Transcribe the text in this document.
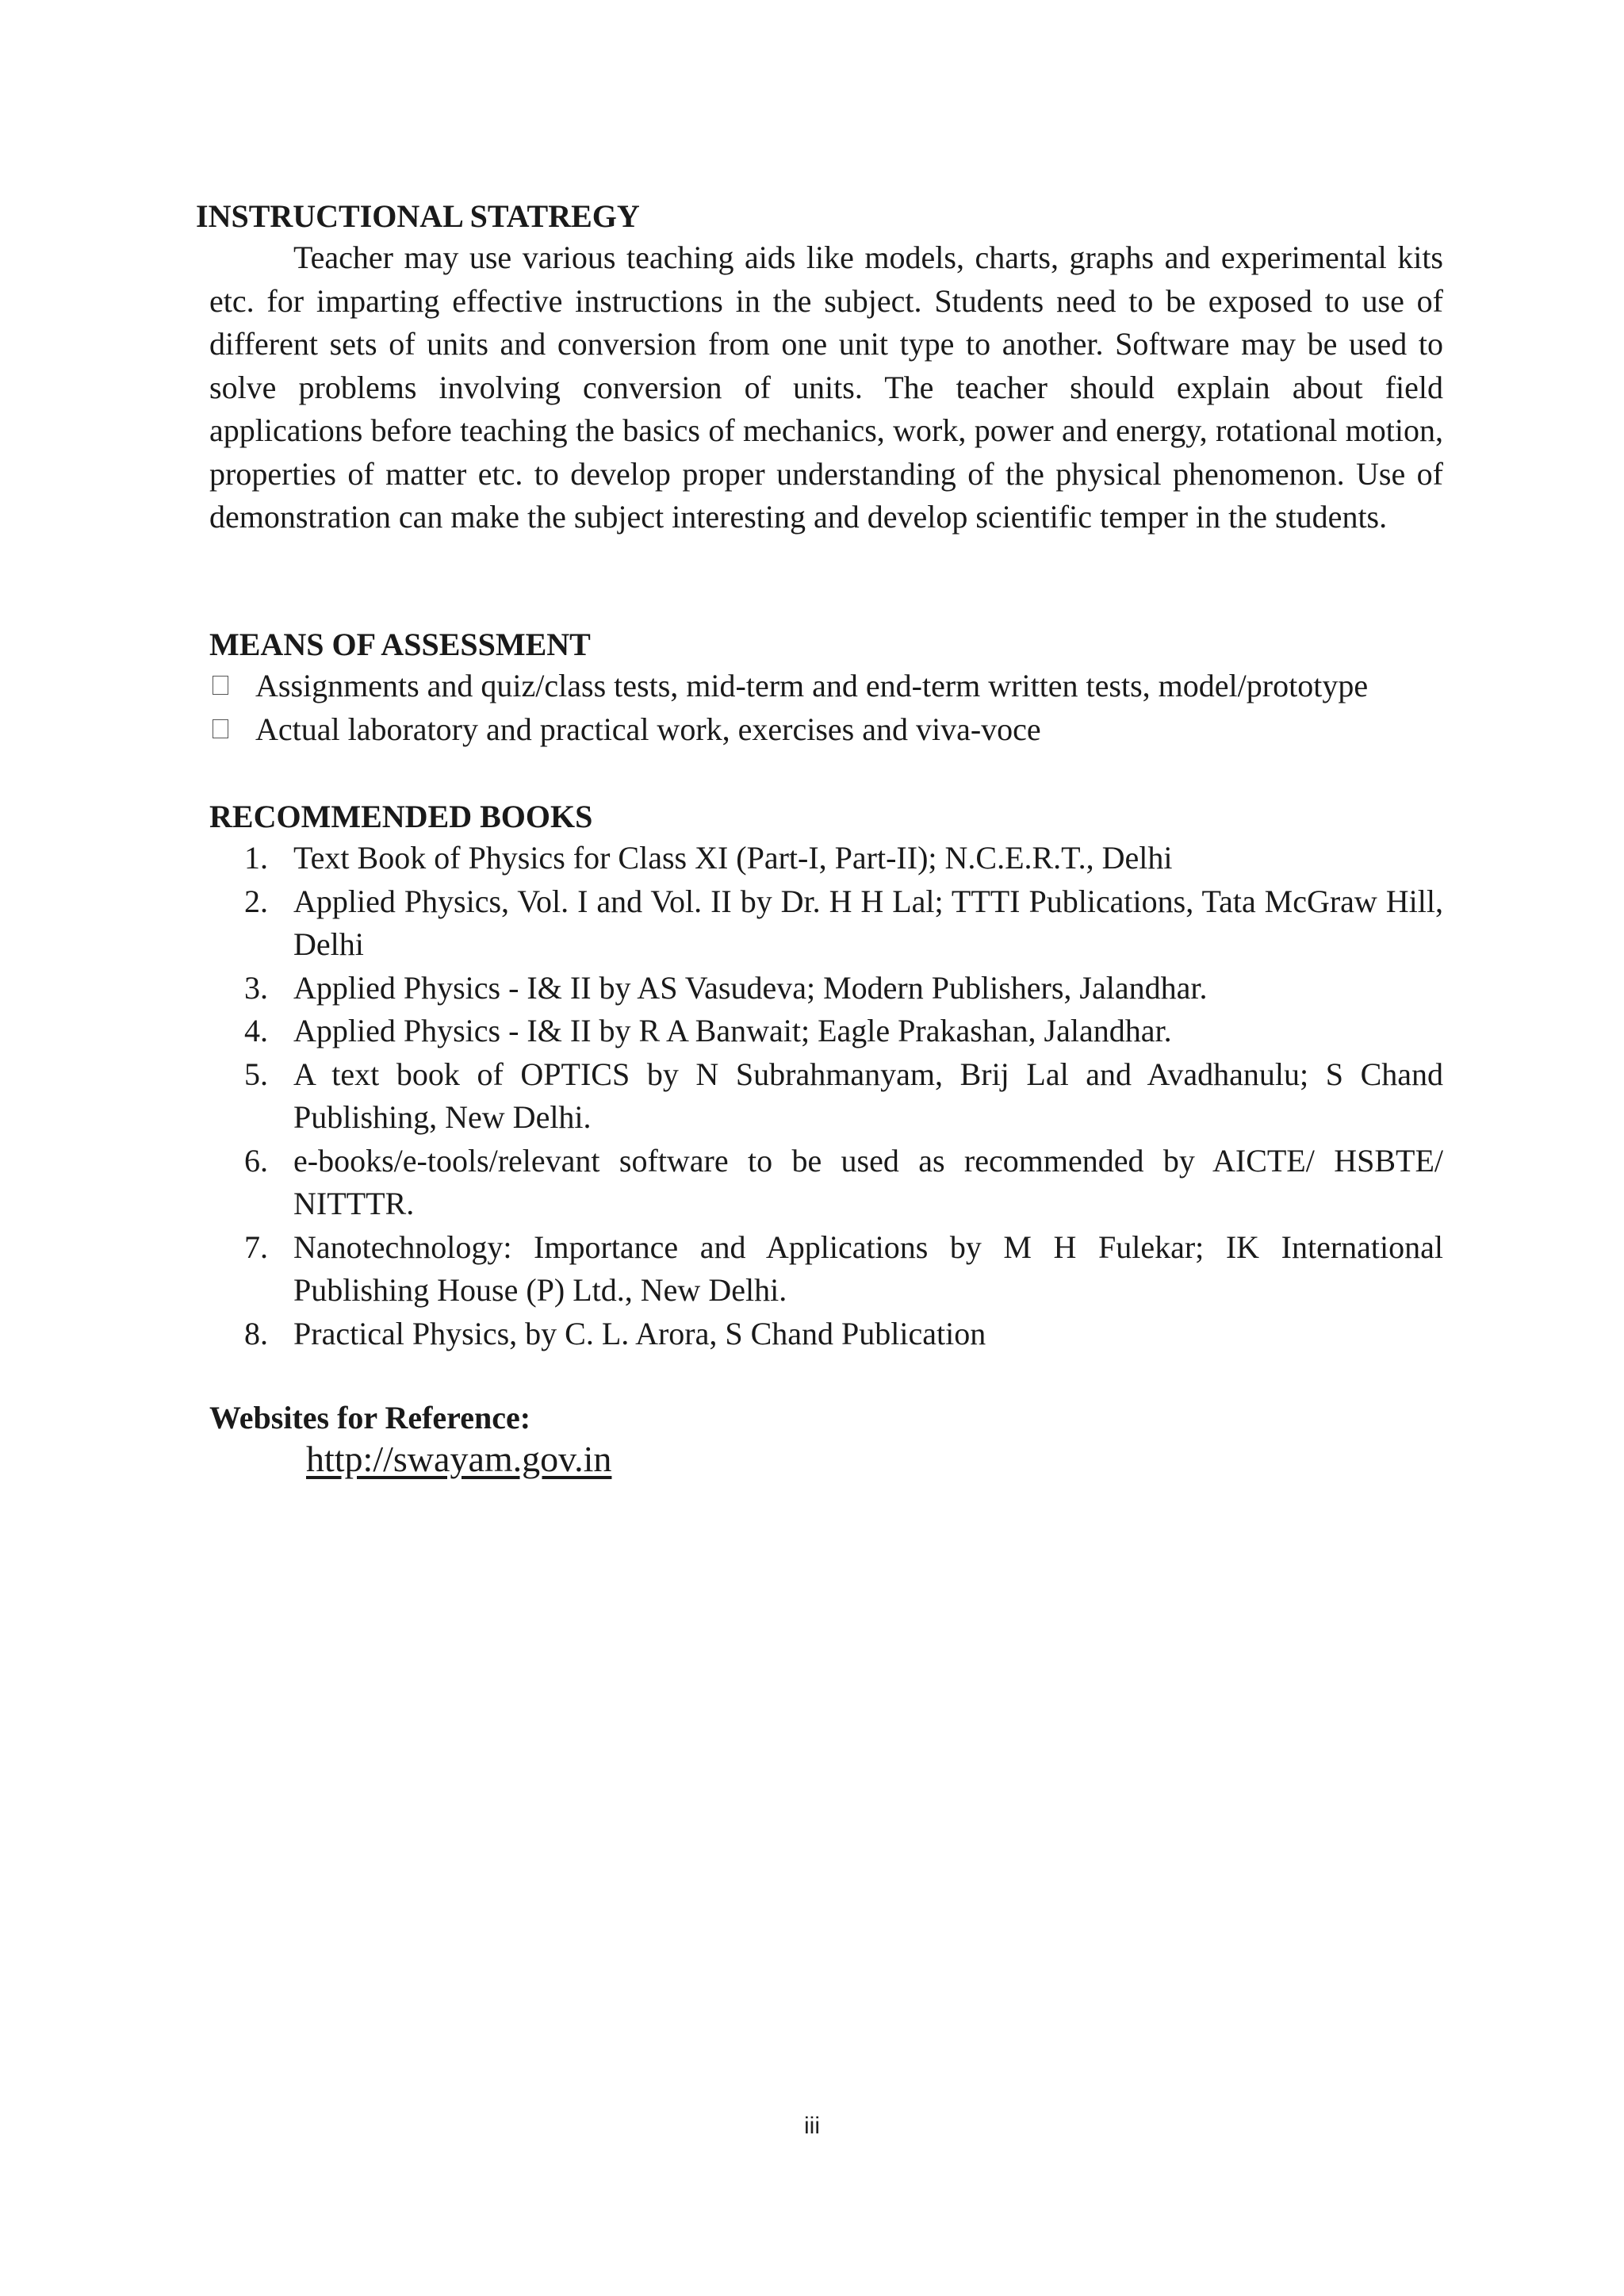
INSTRUCTIONAL STATREGY

Teacher may use various teaching aids like models, charts, graphs and experimental kits etc. for imparting effective instructions in the subject. Students need to be exposed to use of different sets of units and conversion from one unit type to another. Software may be used to solve problems involving conversion of units. The teacher should explain about field applications before teaching the basics of mechanics, work, power and energy, rotational motion, properties of matter etc. to develop proper understanding of the physical phenomenon. Use of demonstration can make the subject interesting and develop scientific temper in the students.

MEANS OF ASSESSMENT
Assignments and quiz/class tests, mid-term and end-term written tests, model/prototype
Actual laboratory and practical work, exercises and viva-voce
RECOMMENDED BOOKS
1. Text Book of Physics for Class XI (Part-I, Part-II); N.C.E.R.T., Delhi
2. Applied Physics, Vol. I and Vol. II by Dr. H H Lal; TTTI Publications, Tata McGraw Hill, Delhi
3. Applied Physics - I& II by AS Vasudeva; Modern Publishers, Jalandhar.
4. Applied Physics - I& II by R A Banwait; Eagle Prakashan, Jalandhar.
5. A text book of OPTICS by N Subrahmanyam, Brij Lal and Avadhanulu; S Chand Publishing, New Delhi.
6. e-books/e-tools/relevant software to be used as recommended by AICTE/ HSBTE/ NITTTR.
7. Nanotechnology: Importance and Applications by M H Fulekar; IK International Publishing House (P) Ltd., New Delhi.
8. Practical Physics, by C. L. Arora, S Chand Publication
Websites for Reference:
http://swayam.gov.in
iii
